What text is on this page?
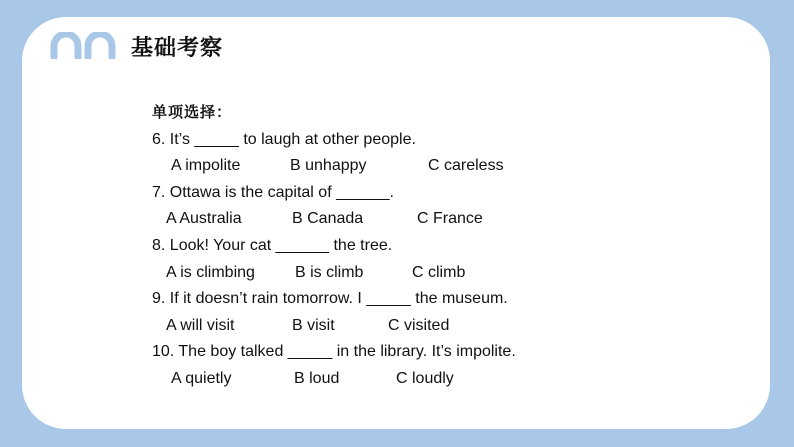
基础考察
单项选择：
6. It’s _____ to laugh at other people.
A impolite	B unhappy	C careless
7. Ottawa is the capital of ______.
A Australia	B Canada	C France
8. Look! Your cat ______ the tree.
A is climbing	B is climb	C climb
9. If it doesn’t rain tomorrow. I _____ the museum.
A will visit	B visit	C visited
10. The boy talked _____ in the library. It’s impolite.
A quietly	B loud	C loudly
